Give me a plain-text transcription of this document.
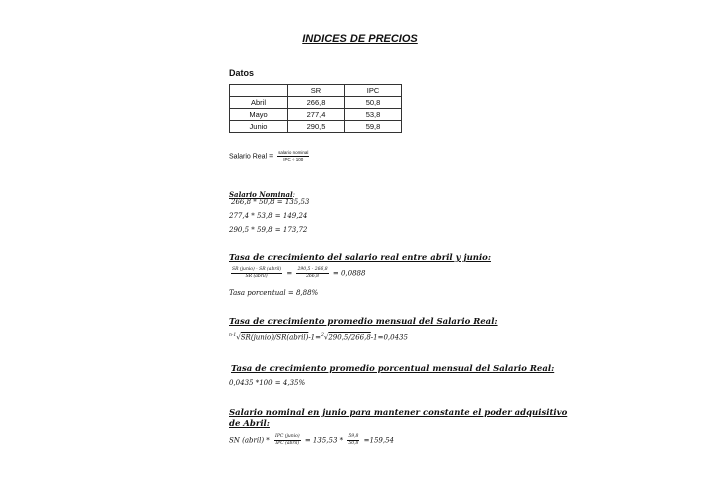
INDICES DE PRECIOS
Datos
	SR	IPC
Abril	266,8	50,8
Mayo	277,4	53,8
Junio	290,5	59,8
Salario Real = $\frac{\text{salario nominal}}{\text{IPC ÷ 100}}$
Salario Nominal:
266,8 * 50,8 = 135,53
277,4 * 53,8 = 149,24
290,5 * 59,8 = 173,72
Tasa de crecimiento del salario real entre abril y junio:
$\frac{\text{SR (junio) - SR (abril)}}{\text{SR (abril)}} = \frac{290,5 - 266,8}{266,8} = 0,0888$
Tasa porcentual = 8,88%
Tasa de crecimiento promedio mensual del Salario Real:
$^{n-1}$√SR(junio)/SR(abril)-1=$^2$√290,5/266,8-1=0,0435
Tasa de crecimiento promedio porcentual mensual del Salario Real:
0,0435 *100 = 4,35%
Salario nominal en junio para mantener constante el poder adquisitivo
de Abril:
SN (abril) * $\frac{\text{IPC (junio)}}{\text{IPC (abril)}} = 135,53 * \frac{59,8}{50,8} =159,54$
